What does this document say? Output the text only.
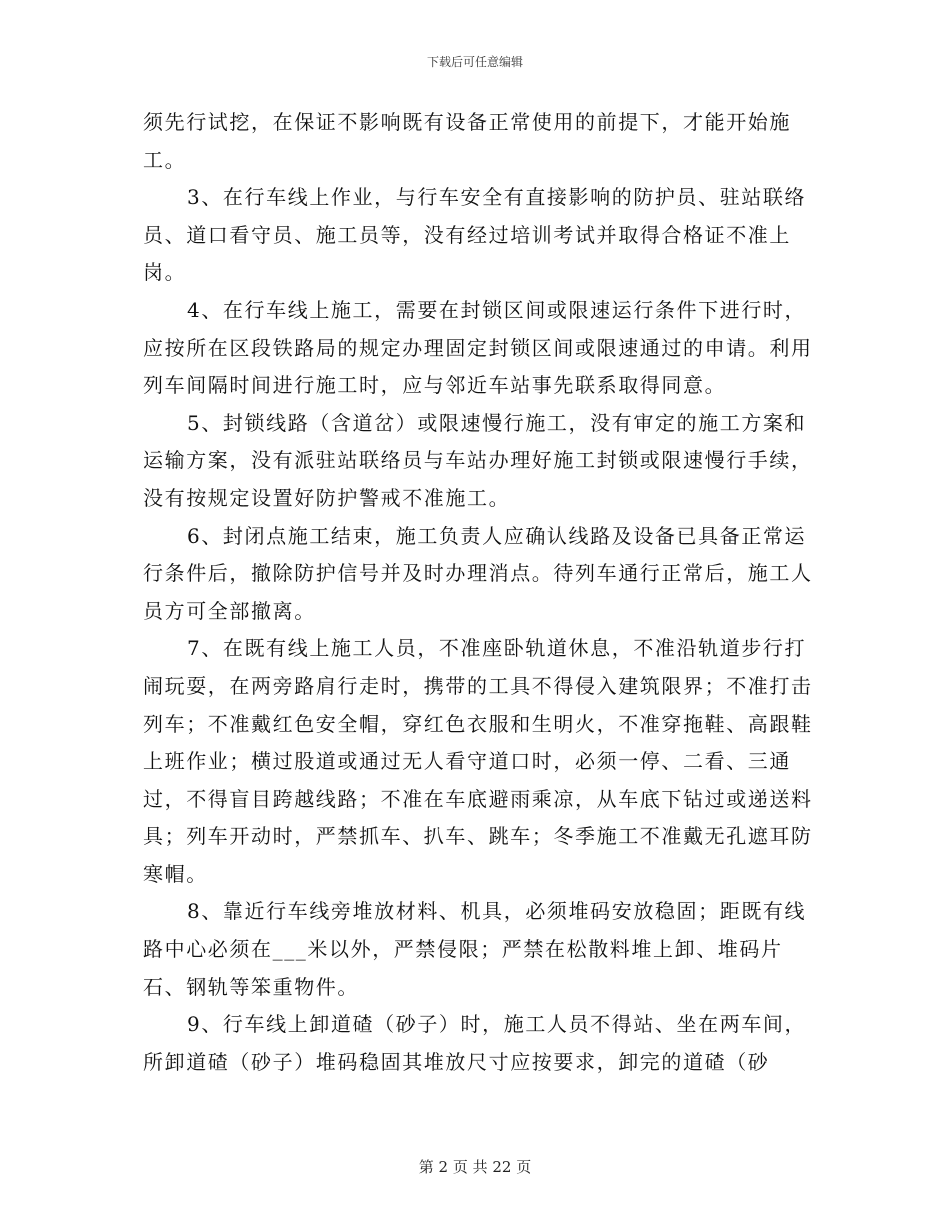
下载后可任意编辑

须先行试挖，在保证不影响既有设备正常使用的前提下，才能开始施工。

3、在行车线上作业，与行车安全有直接影响的防护员、驻站联络员、道口看守员、施工员等，没有经过培训考试并取得合格证不准上岗。

4、在行车线上施工，需要在封锁区间或限速运行条件下进行时，应按所在区段铁路局的规定办理固定封锁区间或限速通过的申请。利用列车间隔时间进行施工时，应与邻近车站事先联系取得同意。

5、封锁线路（含道岔）或限速慢行施工，没有审定的施工方案和运输方案，没有派驻站联络员与车站办理好施工封锁或限速慢行手续，没有按规定设置好防护警戒不准施工。

6、封闭点施工结束，施工负责人应确认线路及设备已具备正常运行条件后，撤除防护信号并及时办理消点。待列车通行正常后，施工人员方可全部撤离。

7、在既有线上施工人员，不准座卧轨道休息，不准沿轨道步行打闹玩耍，在两旁路肩行走时，携带的工具不得侵入建筑限界；不准打击列车；不准戴红色安全帽，穿红色衣服和生明火，不准穿拖鞋、高跟鞋上班作业；横过股道或通过无人看守道口时，必须一停、二看、三通过，不得盲目跨越线路；不准在车底避雨乘凉，从车底下钻过或递送料具；列车开动时，严禁抓车、扒车、跳车；冬季施工不准戴无孔遮耳防寒帽。

8、靠近行车线旁堆放材料、机具，必须堆码安放稳固；距既有线路中心必须在___米以外，严禁侵限；严禁在松散料堆上卸、堆码片石、钢轨等笨重物件。

9、行车线上卸道碴（砂子）时，施工人员不得站、坐在两车间，所卸道碴（砂子）堆码稳固其堆放尺寸应按要求，卸完的道碴（砂

第 2 页 共 22 页
